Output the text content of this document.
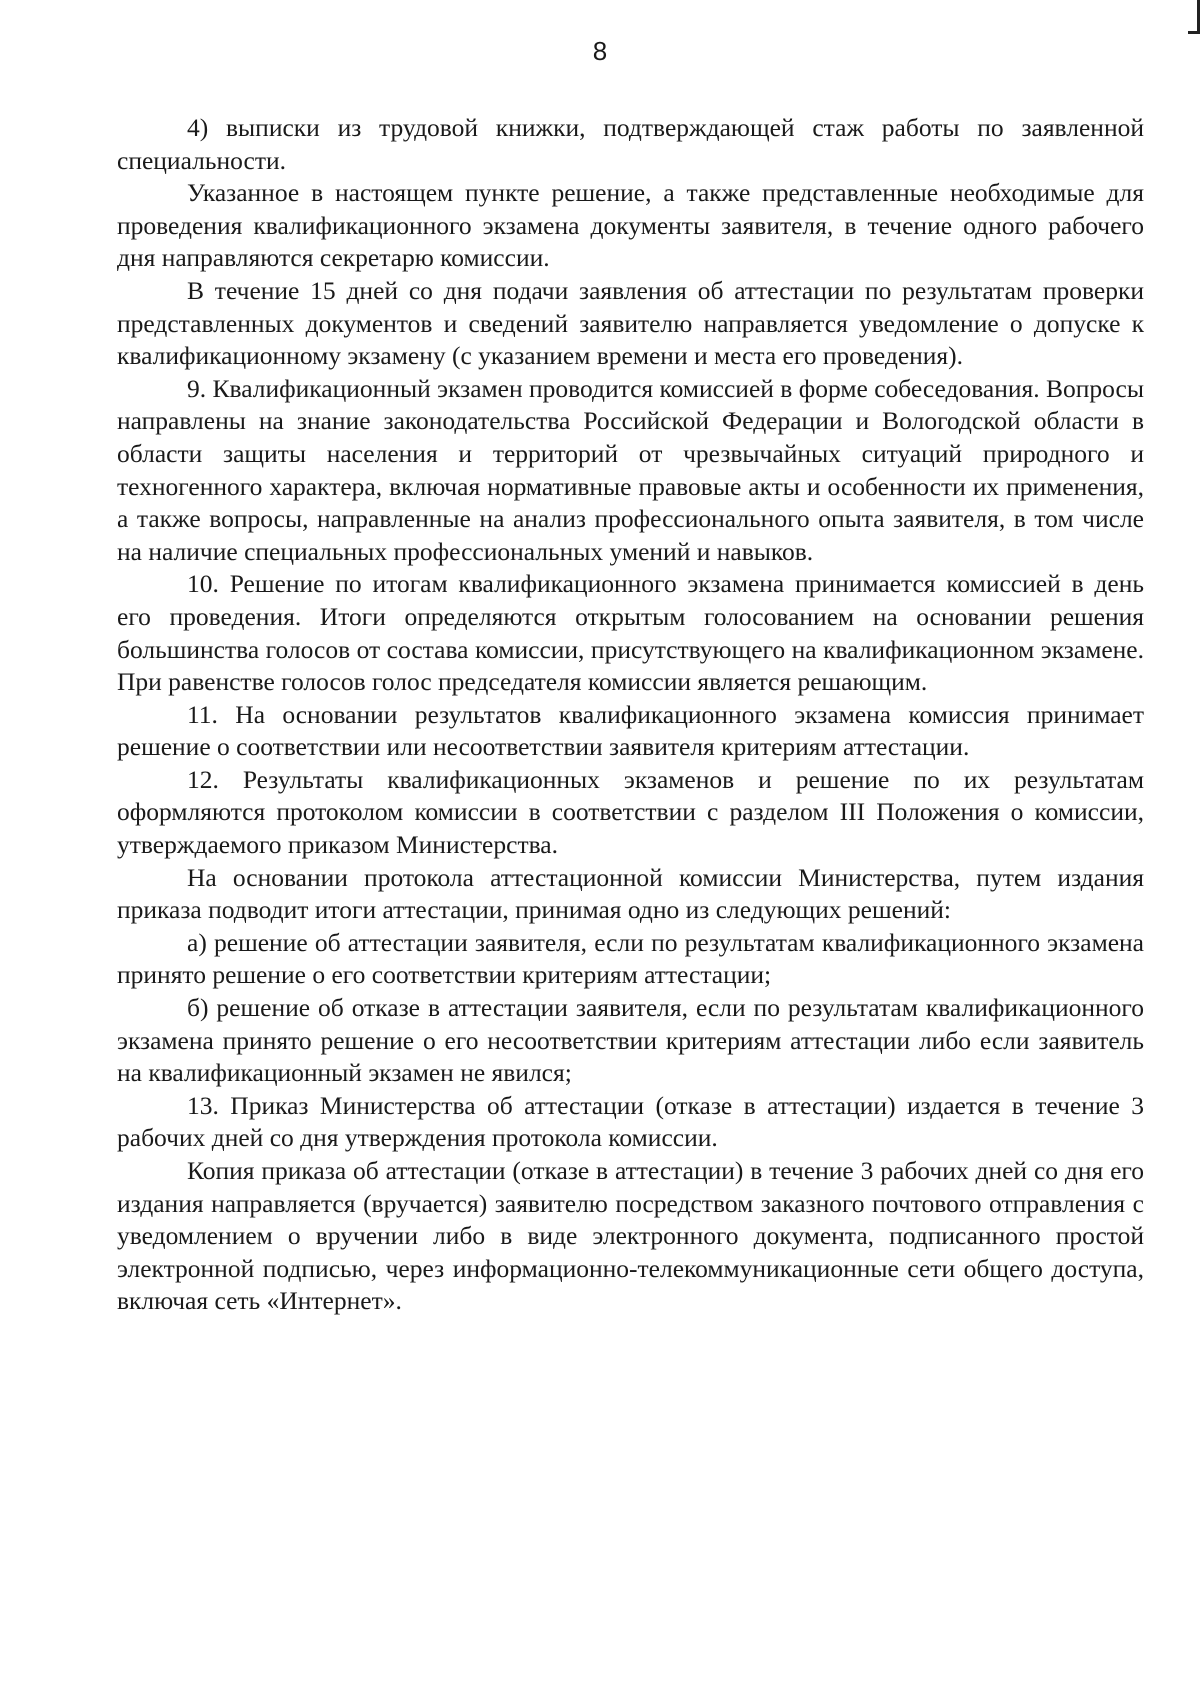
8

4) выписки из трудовой книжки, подтверждающей стаж работы по заявленной специальности.

Указанное в настоящем пункте решение, а также представленные необходимые для проведения квалификационного экзамена документы заявителя, в течение одного рабочего дня направляются секретарю комиссии.

В течение 15 дней со дня подачи заявления об аттестации по результатам проверки представленных документов и сведений заявителю направляется уведомление о допуске к квалификационному экзамену (с указанием времени и места его проведения).

9. Квалификационный экзамен проводится комиссией в форме собеседования. Вопросы направлены на знание законодательства Российской Федерации и Вологодской области в области защиты населения и территорий от чрезвычайных ситуаций природного и техногенного характера, включая нормативные правовые акты и особенности их применения, а также вопросы, направленные на анализ профессионального опыта заявителя, в том числе на наличие специальных профессиональных умений и навыков.

10. Решение по итогам квалификационного экзамена принимается комиссией в день его проведения. Итоги определяются открытым голосованием на основании решения большинства голосов от состава комиссии, присутствующего на квалификационном экзамене. При равенстве голосов голос председателя комиссии является решающим.

11. На основании результатов квалификационного экзамена комиссия принимает решение о соответствии или несоответствии заявителя критериям аттестации.

12. Результаты квалификационных экзаменов и решение по их результатам оформляются протоколом комиссии в соответствии с разделом III Положения о комиссии, утверждаемого приказом Министерства.

На основании протокола аттестационной комиссии Министерства, путем издания приказа подводит итоги аттестации, принимая одно из следующих решений:

а) решение об аттестации заявителя, если по результатам квалификационного экзамена принято решение о его соответствии критериям аттестации;

б) решение об отказе в аттестации заявителя, если по результатам квалификационного экзамена принято решение о его несоответствии критериям аттестации либо если заявитель на квалификационный экзамен не явился;

13. Приказ Министерства об аттестации (отказе в аттестации) издается в течение 3 рабочих дней со дня утверждения протокола комиссии.

Копия приказа об аттестации (отказе в аттестации) в течение 3 рабочих дней со дня его издания направляется (вручается) заявителю посредством заказного почтового отправления с уведомлением о вручении либо в виде электронного документа, подписанного простой электронной подписью, через информационно-телекоммуникационные сети общего доступа, включая сеть «Интернет».
